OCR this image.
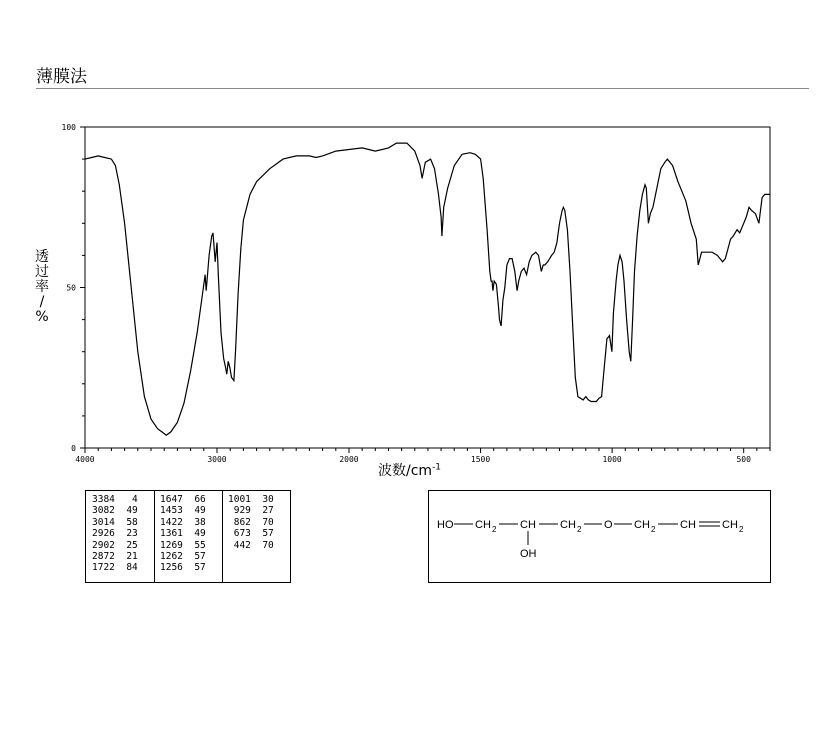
薄膜法
4000	3000	2000	1500	1000	500
100
50
0
透
过
率
/
%
波数$/cm^{-1}$
3384   4
3082  49
3014  58
2926  23
2902  25
2872  21
1722  84
1647  66
1453  49
1422  38
1361  49
1269  55
1262  57
1256  57
1001  30
929  27
862  70
673  57
442  70
HO CH 2 CH
OH
CH 2 O CH 2 CH CH 2
